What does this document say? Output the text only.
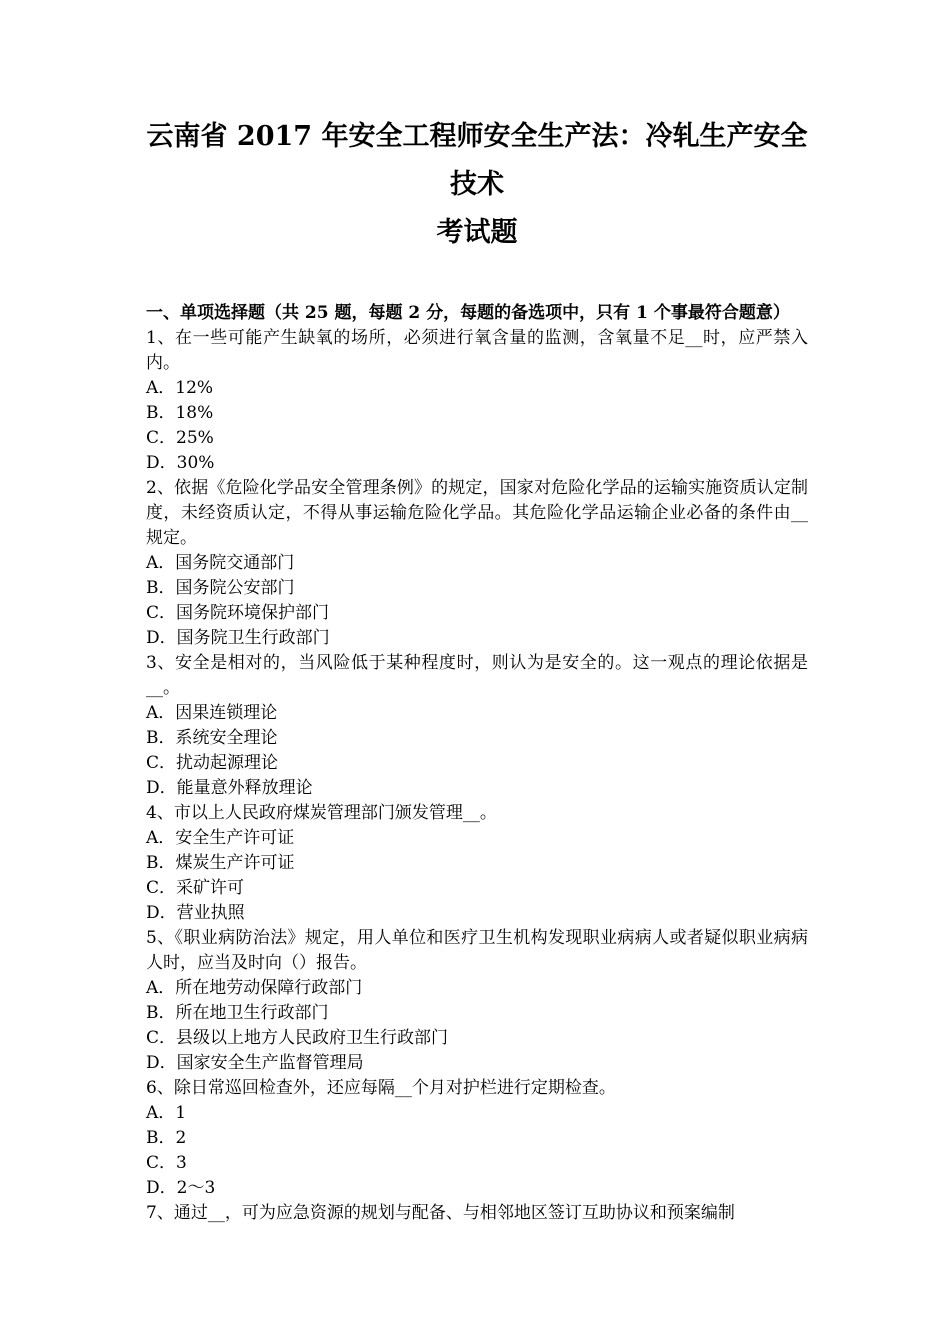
云南省 2017 年安全工程师安全生产法：冷轧生产安全技术
考试题
一、单项选择题（共 25 题，每题 2 分，每题的备选项中，只有 1 个事最符合题意）
1、在一些可能产生缺氧的场所，必须进行氧含量的监测，含氧量不足__时，应严禁入内。
A．12%
B．18%
C．25%
D．30%
2、依据《危险化学品安全管理条例》的规定，国家对危险化学品的运输实施资质认定制度，未经资质认定，不得从事运输危险化学品。其危险化学品运输企业必备的条件由__规定。
A．国务院交通部门
B．国务院公安部门
C．国务院环境保护部门
D．国务院卫生行政部门
3、安全是相对的，当风险低于某种程度时，则认为是安全的。这一观点的理论依据是__。
A．因果连锁理论
B．系统安全理论
C．扰动起源理论
D．能量意外释放理论
4、市以上人民政府煤炭管理部门颁发管理__。
A．安全生产许可证
B．煤炭生产许可证
C．采矿许可
D．营业执照
5、《职业病防治法》规定，用人单位和医疗卫生机构发现职业病病人或者疑似职业病病人时，应当及时向（）报告。
A．所在地劳动保障行政部门
B．所在地卫生行政部门
C．县级以上地方人民政府卫生行政部门
D．国家安全生产监督管理局
6、除日常巡回检查外，还应每隔__个月对护栏进行定期检查。
A．1
B．2
C．3
D．2～3
7、通过__，可为应急资源的规划与配备、与相邻地区签订互助协议和预案编制
